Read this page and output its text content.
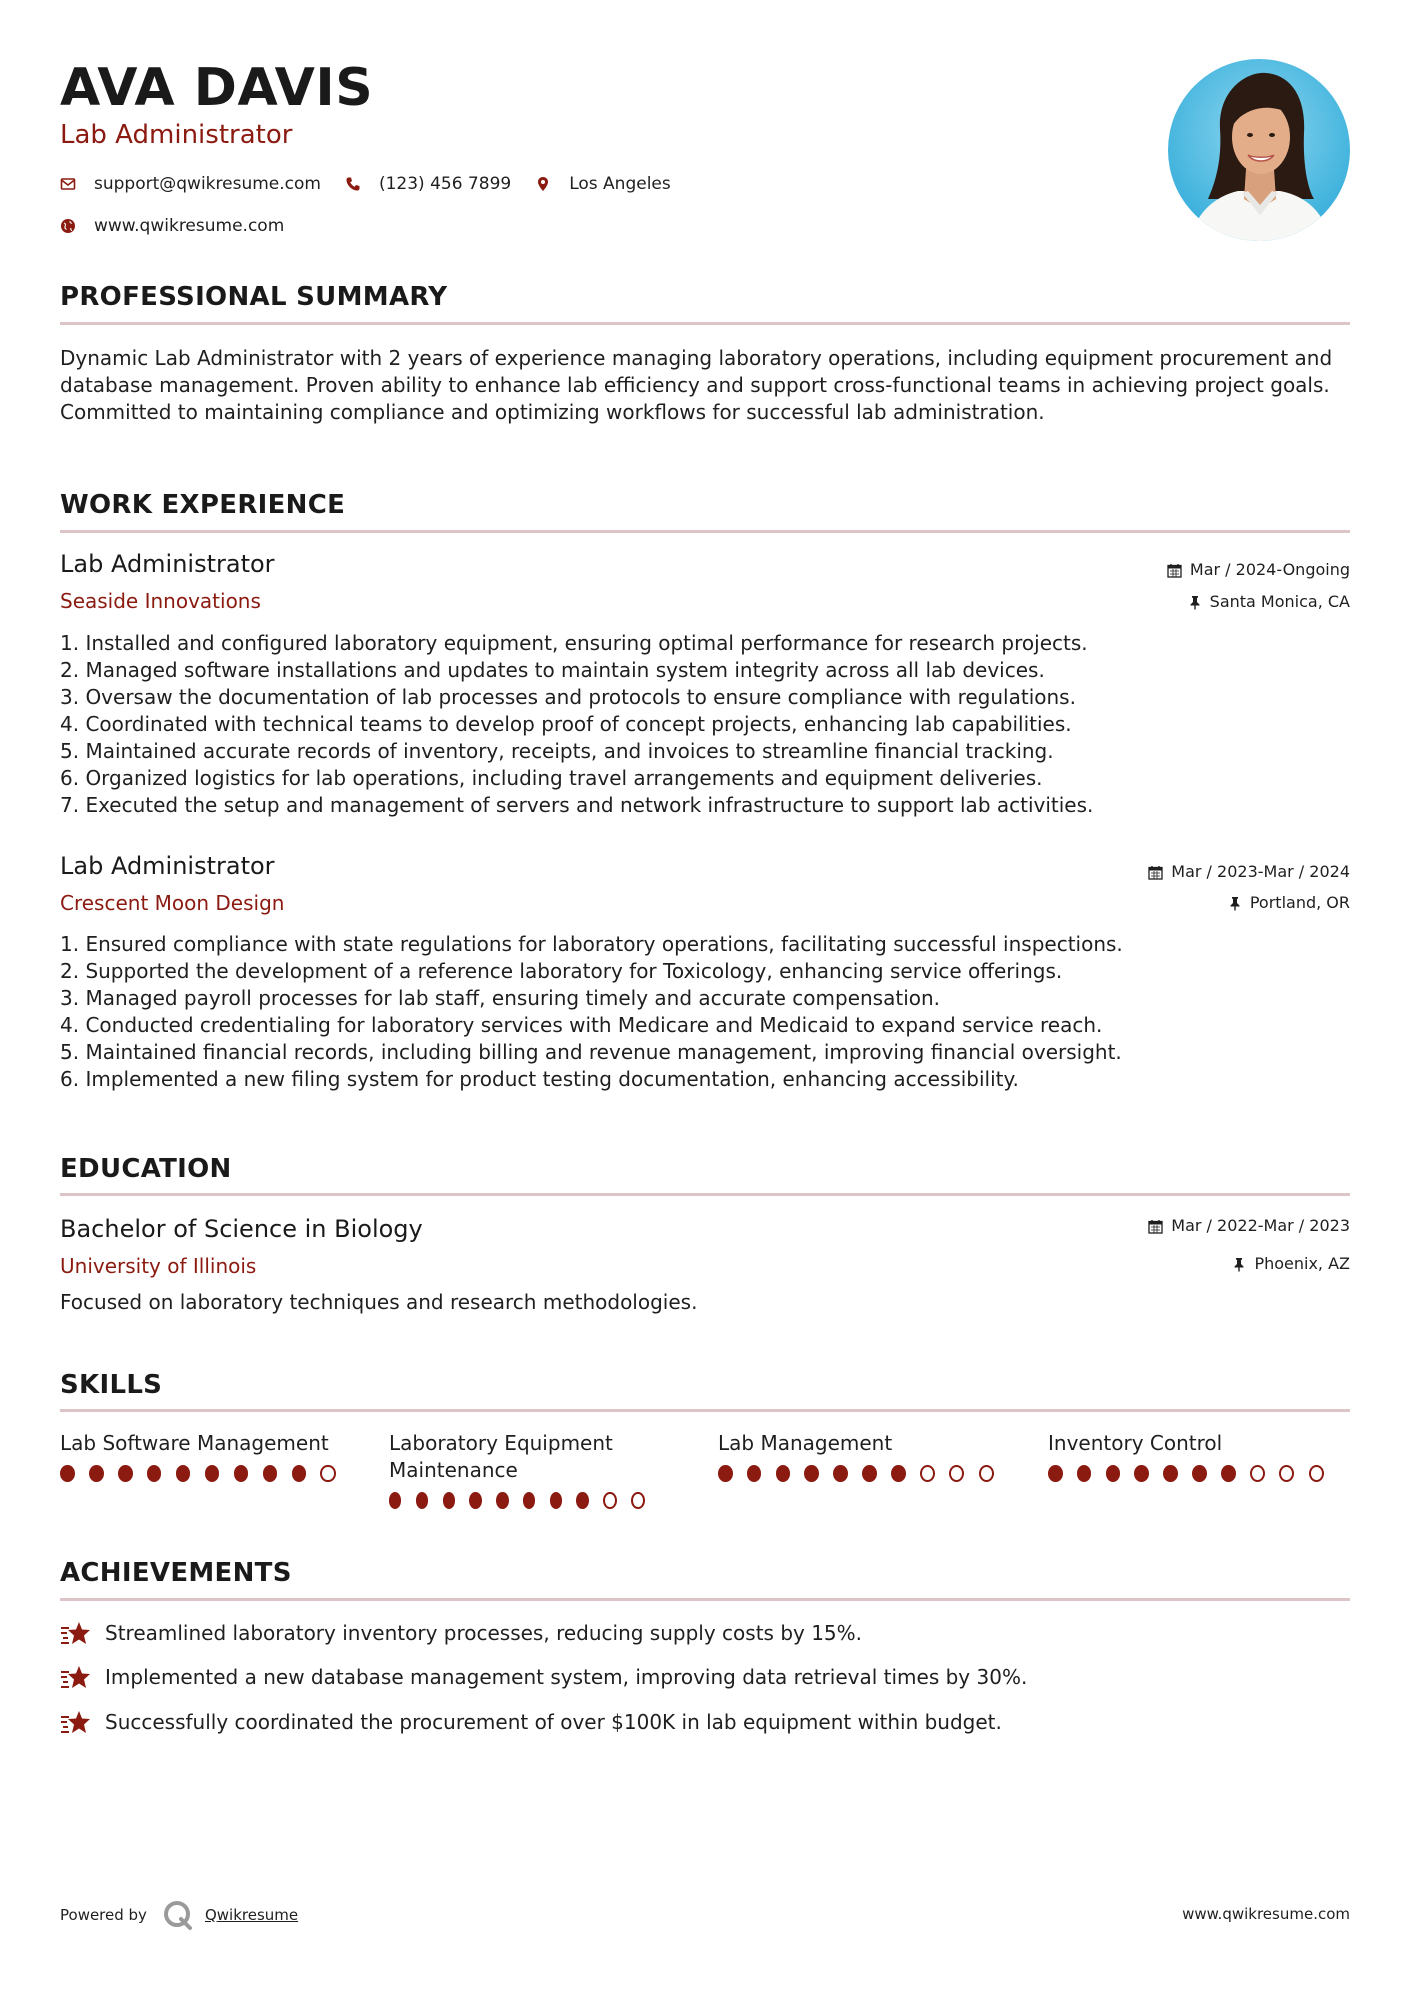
AVA DAVIS
Lab Administrator
support@qwikresume.com	(123) 456 7899	Los Angeles
www.qwikresume.com
PROFESSIONAL SUMMARY
Dynamic Lab Administrator with 2 years of experience managing laboratory operations, including equipment procurement and database management. Proven ability to enhance lab efficiency and support cross-functional teams in achieving project goals. Committed to maintaining compliance and optimizing workflows for successful lab administration.
WORK EXPERIENCE
Lab Administrator	Mar / 2024-Ongoing
Seaside Innovations	Santa Monica, CA
1. Installed and configured laboratory equipment, ensuring optimal performance for research projects.
2. Managed software installations and updates to maintain system integrity across all lab devices.
3. Oversaw the documentation of lab processes and protocols to ensure compliance with regulations.
4. Coordinated with technical teams to develop proof of concept projects, enhancing lab capabilities.
5. Maintained accurate records of inventory, receipts, and invoices to streamline financial tracking.
6. Organized logistics for lab operations, including travel arrangements and equipment deliveries.
7. Executed the setup and management of servers and network infrastructure to support lab activities.
Lab Administrator	Mar / 2023-Mar / 2024
Crescent Moon Design	Portland, OR
1. Ensured compliance with state regulations for laboratory operations, facilitating successful inspections.
2. Supported the development of a reference laboratory for Toxicology, enhancing service offerings.
3. Managed payroll processes for lab staff, ensuring timely and accurate compensation.
4. Conducted credentialing for laboratory services with Medicare and Medicaid to expand service reach.
5. Maintained financial records, including billing and revenue management, improving financial oversight.
6. Implemented a new filing system for product testing documentation, enhancing accessibility.
EDUCATION
Bachelor of Science in Biology	Mar / 2022-Mar / 2023
University of Illinois	Phoenix, AZ
Focused on laboratory techniques and research methodologies.
SKILLS
Lab Software Management	Laboratory Equipment Maintenance
Lab Management	Inventory Control
ACHIEVEMENTS
Streamlined laboratory inventory processes, reducing supply costs by 15%.
Implemented a new database management system, improving data retrieval times by 30%.
Successfully coordinated the procurement of over $100K in lab equipment within budget.
Powered by	Qwikresume	www.qwikresume.com
